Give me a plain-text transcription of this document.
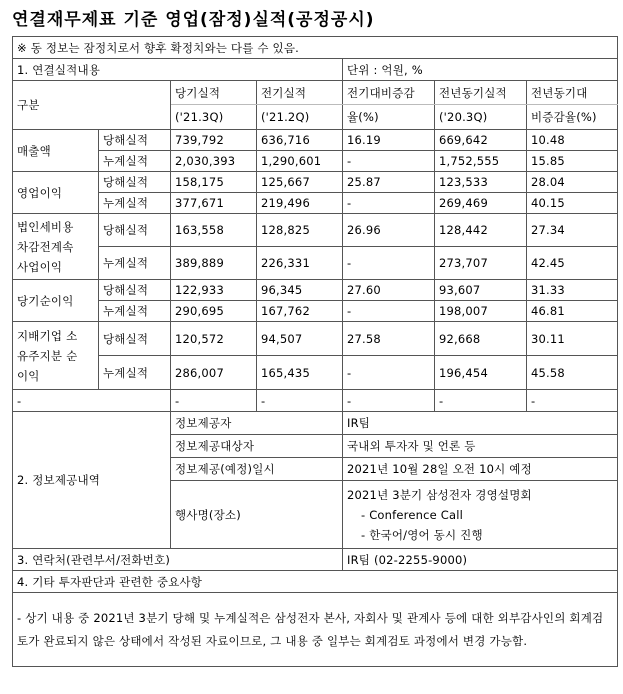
연결재무제표 기준 영업(잠정)실적(공정공시)
※ 동 정보는 잠정치로서 향후 확정치와는 다를 수 있음.						
1. 연결실적내용				단위 : 억원, %		
구분		당기실적	전기실적	전기대비증감	전년동기실적	전년동기대
		('21.3Q)	('21.2Q)	율(%)	('20.3Q)	비증감율(%)
매출액	당해실적	739,792	636,716	16.19	669,642	10.48
	누계실적	2,030,393	1,290,601	-	1,752,555	15.85
영업이익	당해실적	158,175	125,667	25.87	123,533	28.04
	누계실적	377,671	219,496	-	269,469	40.15

법인세비용
차감전계속
사업이익	당해실적	163,558	128,825	26.96	128,442	27.34
	누계실적	389,889	226,331	-	273,707	42.45
당기순이익	당해실적	122,933	96,345	27.60	93,607	31.33
	누계실적	290,695	167,762	-	198,007	46.81

지배기업 소
유주지분 순
이익	당해실적	120,572	94,507	27.58	92,668	30.11
	누계실적	286,007	165,435	-	196,454	45.58
-		-	-	-	-	-
2. 정보제공내역		정보제공자		IR팀		
		정보제공대상자		국내외 투자자 및 언론 등		
		정보제공(예정)일시		2021년 10월 28일 오전 10시 예정		
		행사명(장소)		2021년 3분기 삼성전자 경영설명회
- Conference Call
- 한국어/영어 동시 진행		

3. 연락처(관련부서/전화번호)				IR팀 (02-2255-9000)		
4. 기타 투자판단과 관련한 중요사항						
- 상기 내용 중 2021년 3분기 당해 및 누계실적은 삼성전자 본사, 자회사 및 관계사 등에 대한 외부감사인의 회계검토가 완료되지 않은 상태에서 작성된 자료이므로, 그 내용 중 일부는 회계검토 과정에서 변경 가능함.						
